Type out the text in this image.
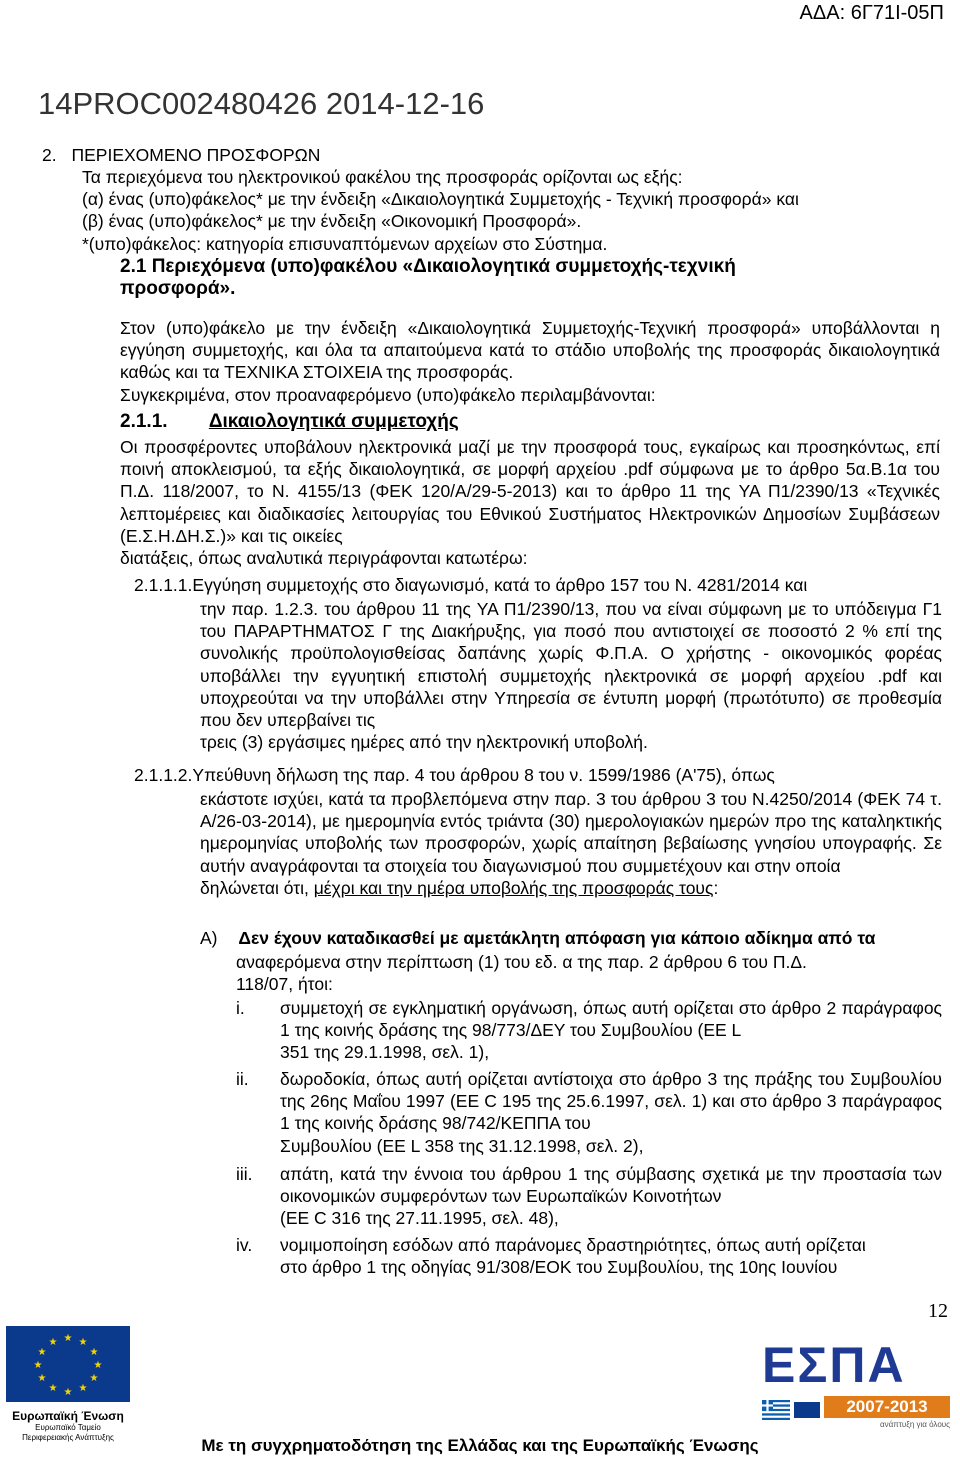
ΑΔΑ: 6Γ71Ι-05Π
14PROC002480426 2014-12-16
2. ΠΕΡΙΕΧΟΜΕΝΟ ΠΡΟΣΦΟΡΩΝ
Τα περιεχόμενα του ηλεκτρονικού φακέλου της προσφοράς ορίζονται ως εξής:
(α) ένας (υπο)φάκελος* με την ένδειξη «Δικαιολογητικά Συμμετοχής - Τεχνική προσφορά» και
(β) ένας (υπο)φάκελος* με την ένδειξη «Οικονομική Προσφορά».
*(υπο)φάκελος: κατηγορία επισυναπτόμενων αρχείων στο Σύστημα.
2.1 Περιεχόμενα (υπο)φακέλου «Δικαιολογητικά συμμετοχής-τεχνική
προσφορά».
Στον (υπο)φάκελο με την ένδειξη «Δικαιολογητικά Συμμετοχής-Τεχνική προσφορά» υποβάλλονται η εγγύηση συμμετοχής, και όλα τα απαιτούμενα κατά το στάδιο υποβολής της προσφοράς δικαιολογητικά καθώς και τα ΤΕΧΝΙΚΑ ΣΤΟΙΧΕΙΑ της προσφοράς.
Συγκεκριμένα, στον προαναφερόμενο (υπο)φάκελο περιλαμβάνονται:
2.1.1. Δικαιολογητικά συμμετοχής
Οι προσφέροντες υποβάλουν ηλεκτρονικά μαζί με την προσφορά τους, εγκαίρως και προσηκόντως, επί ποινή αποκλεισμού, τα εξής δικαιολογητικά, σε μορφή αρχείου .pdf σύμφωνα με το άρθρο 5α.Β.1α του Π.Δ. 118/2007, το Ν. 4155/13 (ΦΕΚ 120/Α/29-5-2013) και το άρθρο 11 της ΥΑ Π1/2390/13 «Τεχνικές λεπτομέρειες και διαδικασίες λειτουργίας του Εθνικού Συστήματος Ηλεκτρονικών Δημοσίων Συμβάσεων (Ε.Σ.Η.ΔΗ.Σ.)» και τις οικείες
διατάξεις, όπως αναλυτικά περιγράφονται κατωτέρω:
2.1.1.1.Εγγύηση συμμετοχής στο διαγωνισμό, κατά το άρθρο 157 του Ν. 4281/2014 και
την παρ. 1.2.3. του άρθρου 11 της ΥΑ Π1/2390/13, που να είναι σύμφωνη με το υπόδειγμα Γ1 του ΠΑΡΑΡΤΗΜΑΤΟΣ Γ της Διακήρυξης, για ποσό που αντιστοιχεί σε ποσοστό 2 % επί της συνολικής προϋπολογισθείσας δαπάνης χωρίς Φ.Π.Α. Ο χρήστης - οικονομικός φορέας υποβάλλει την εγγυητική επιστολή συμμετοχής ηλεκτρονικά σε μορφή αρχείου .pdf και υποχρεούται να την υποβάλλει στην Υπηρεσία σε έντυπη μορφή (πρωτότυπο) σε προθεσμία που δεν υπερβαίνει τις
τρεις (3) εργάσιμες ημέρες από την ηλεκτρονική υποβολή.
2.1.1.2.Υπεύθυνη δήλωση της παρ. 4 του άρθρου 8 του ν. 1599/1986 (Α'75), όπως
εκάστοτε ισχύει, κατά τα προβλεπόμενα στην παρ. 3 του άρθρου 3 του Ν.4250/2014 (ΦΕΚ 74 τ. Α/26-03-2014), με ημερομηνία εντός τριάντα (30) ημερολογιακών ημερών προ της καταληκτικής ημερομηνίας υποβολής των προσφορών, χωρίς απαίτηση βεβαίωσης γνησίου υπογραφής. Σε αυτήν αναγράφονται τα στοιχεία του διαγωνισμού που συμμετέχουν και στην οποία
δηλώνεται ότι, μέχρι και την ημέρα υποβολής της προσφοράς τους:
Α) Δεν έχουν καταδικασθεί με αμετάκλητη απόφαση για κάποιο αδίκημα από τα
αναφερόμενα στην περίπτωση (1) του εδ. α της παρ. 2 άρθρου 6 του Π.Δ.
118/07, ήτοι:
i. συμμετοχή σε εγκληματική οργάνωση, όπως αυτή ορίζεται στο άρθρο 2 παράγραφος 1 της κοινής δράσης της 98/773/ΔΕΥ του Συμβουλίου (ΕΕ L
351 της 29.1.1998, σελ. 1),
ii. δωροδοκία, όπως αυτή ορίζεται αντίστοιχα στο άρθρο 3 της πράξης του Συμβουλίου της 26ης Μαΐου 1997 (ΕΕ C 195 της 25.6.1997, σελ. 1) και στο άρθρο 3 παράγραφος 1 της κοινής δράσης 98/742/ΚΕΠΠΑ του
Συμβουλίου (ΕΕ L 358 της 31.12.1998, σελ. 2),
iii. απάτη, κατά την έννοια του άρθρου 1 της σύμβασης σχετικά με την προστασία των οικονομικών συμφερόντων των Ευρωπαϊκών Κοινοτήτων
(ΕΕ C 316 της 27.11.1995, σελ. 48),
iv. νομιμοποίηση εσόδων από παράνομες δραστηριότητες, όπως αυτή ορίζεται
στο άρθρο 1 της οδηγίας 91/308/ΕΟΚ του Συμβουλίου, της 10ης Ιουνίου
12
★ ★
★
★
★
★
★
★
★
★
★
★
Ευρωπαϊκή Ένωση
Ευρωπαϊκό Ταμείο
Περιφερειακής Ανάπτυξης
ΕΣΠΑ
2007-2013
ανάπτυξη για όλους
Με τη συγχρηματοδότηση της Ελλάδας και της Ευρωπαϊκής Ένωσης
